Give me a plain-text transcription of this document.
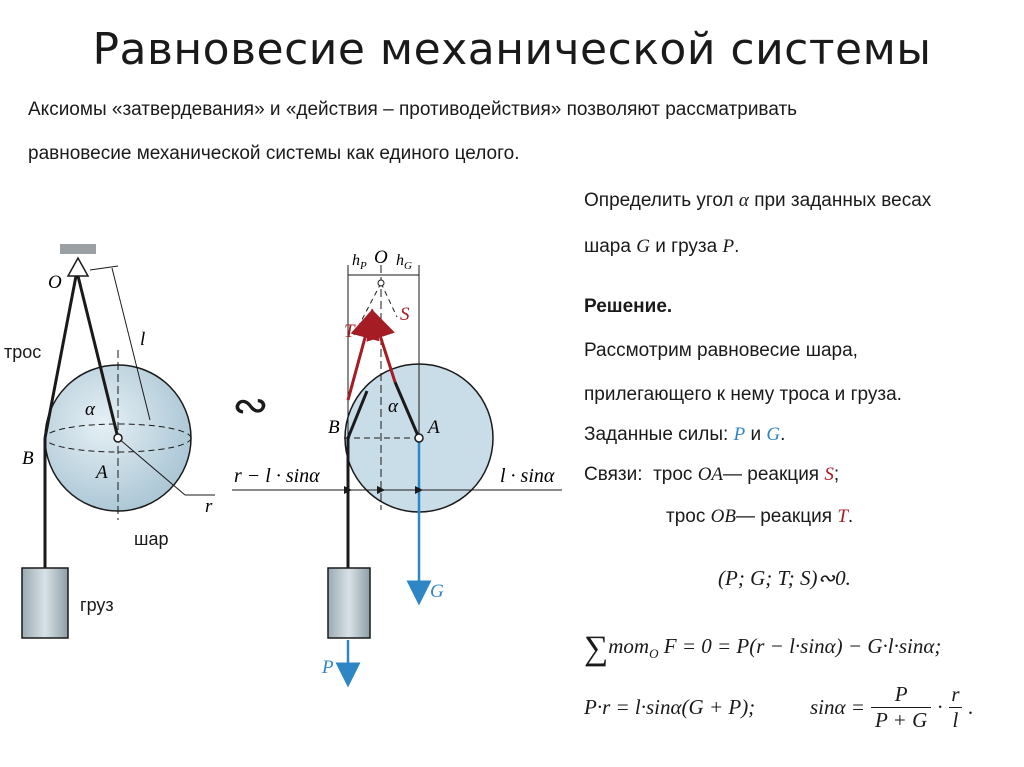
Равновесие механической системы

Аксиомы «затвердевания» и «действия – противодействия» позволяют рассматривать

равновесие механической системы как единого целого.

O
B
A
α
l
r
трос
шар
груз
∾
O
$h_P$ $h_G$
T
S
B	A
α
r − l · sinα	l · sinα
G
P
Определить угол α при заданных весах
шара G и груза P.
Решение.
Рассмотрим равновесие шара,
прилегающего к нему троса и груза.
Заданные силы: P и G.
Связи: трос OA— реакция S;
трос OB— реакция T.
(P; G; T; S)∾0.
∑mom$_O$ F = 0 = P(r − l·sinα) − G·l·sinα;
P·r = l·sinα(G + P);	$\sin\alpha = \frac{P}{P + G}$ ·
r
l
.
